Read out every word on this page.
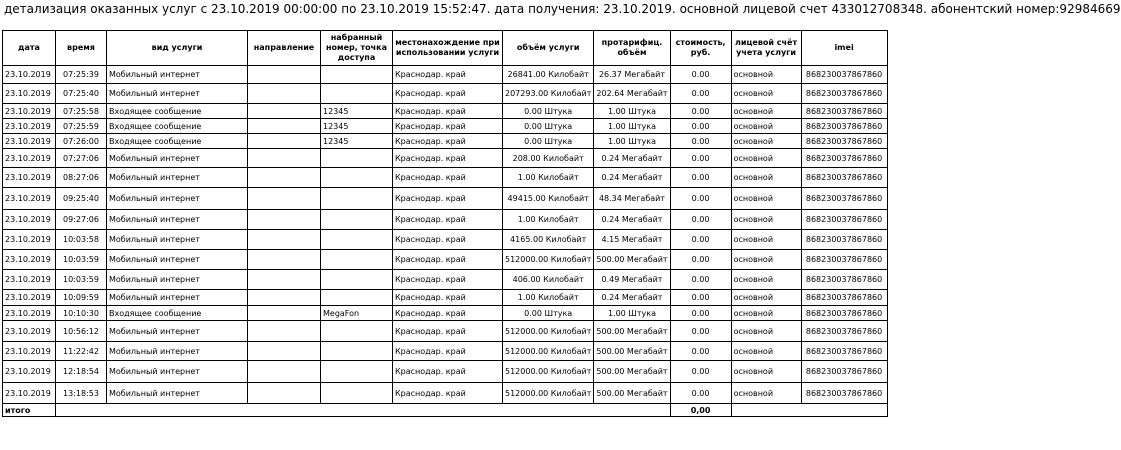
детализация оказанных услуг с 23.10.2019 00:00:00 по 23.10.2019 15:52:47. дата получения: 23.10.2019. основной лицевой счет 433012708348. абонентский номер:92984669
дата	время	вид услуги	направление	набранный номер, точка доступа	местонахождение при использовании услуги	объём услуги	протарифиц. объём	стоимость, руб.	лицевой счёт учета услуги	imei
23.10.2019	07:25:39	Мобильный интернет			Краснодар. край	26841.00 Килобайт	26.37 Мегабайт	0.00	основной	868230037867860
23.10.2019	07:25:40	Мобильный интернет			Краснодар. край	207293.00 Килобайт	202.64 Мегабайт	0.00	основной	868230037867860
23.10.2019	07:25:58	Входящее сообщение		12345	Краснодар. край	0.00 Штука	1.00 Штука	0.00	основной	868230037867860
23.10.2019	07:25:59	Входящее сообщение		12345	Краснодар. край	0.00 Штука	1.00 Штука	0.00	основной	868230037867860
23.10.2019	07:26:00	Входящее сообщение		12345	Краснодар. край	0.00 Штука	1.00 Штука	0.00	основной	868230037867860
23.10.2019	07:27:06	Мобильный интернет			Краснодар. край	208.00 Килобайт	0.24 Мегабайт	0.00	основной	868230037867860
23.10.2019	08:27:06	Мобильный интернет			Краснодар. край	1.00 Килобайт	0.24 Мегабайт	0.00	основной	868230037867860
23.10.2019	09:25:40	Мобильный интернет			Краснодар. край	49415.00 Килобайт	48.34 Мегабайт	0.00	основной	868230037867860
23.10.2019	09:27:06	Мобильный интернет			Краснодар. край	1.00 Килобайт	0.24 Мегабайт	0.00	основной	868230037867860
23.10.2019	10:03:58	Мобильный интернет			Краснодар. край	4165.00 Килобайт	4.15 Мегабайт	0.00	основной	868230037867860
23.10.2019	10:03:59	Мобильный интернет			Краснодар. край	512000.00 Килобайт	500.00 Мегабайт	0.00	основной	868230037867860
23.10.2019	10:03:59	Мобильный интернет			Краснодар. край	406.00 Килобайт	0.49 Мегабайт	0.00	основной	868230037867860
23.10.2019	10:09:59	Мобильный интернет			Краснодар. край	1.00 Килобайт	0.24 Мегабайт	0.00	основной	868230037867860
23.10.2019	10:10:30	Входящее сообщение		MegaFon	Краснодар. край	0.00 Штука	1.00 Штука	0.00	основной	868230037867860
23.10.2019	10:56:12	Мобильный интернет			Краснодар. край	512000.00 Килобайт	500.00 Мегабайт	0.00	основной	868230037867860
23.10.2019	11:22:42	Мобильный интернет			Краснодар. край	512000.00 Килобайт	500.00 Мегабайт	0.00	основной	868230037867860
23.10.2019	12:18:54	Мобильный интернет			Краснодар. край	512000.00 Килобайт	500.00 Мегабайт	0.00	основной	868230037867860
23.10.2019	13:18:53	Мобильный интернет			Краснодар. край	512000.00 Килобайт	500.00 Мегабайт	0.00	основной	868230037867860
итого								0,00		
